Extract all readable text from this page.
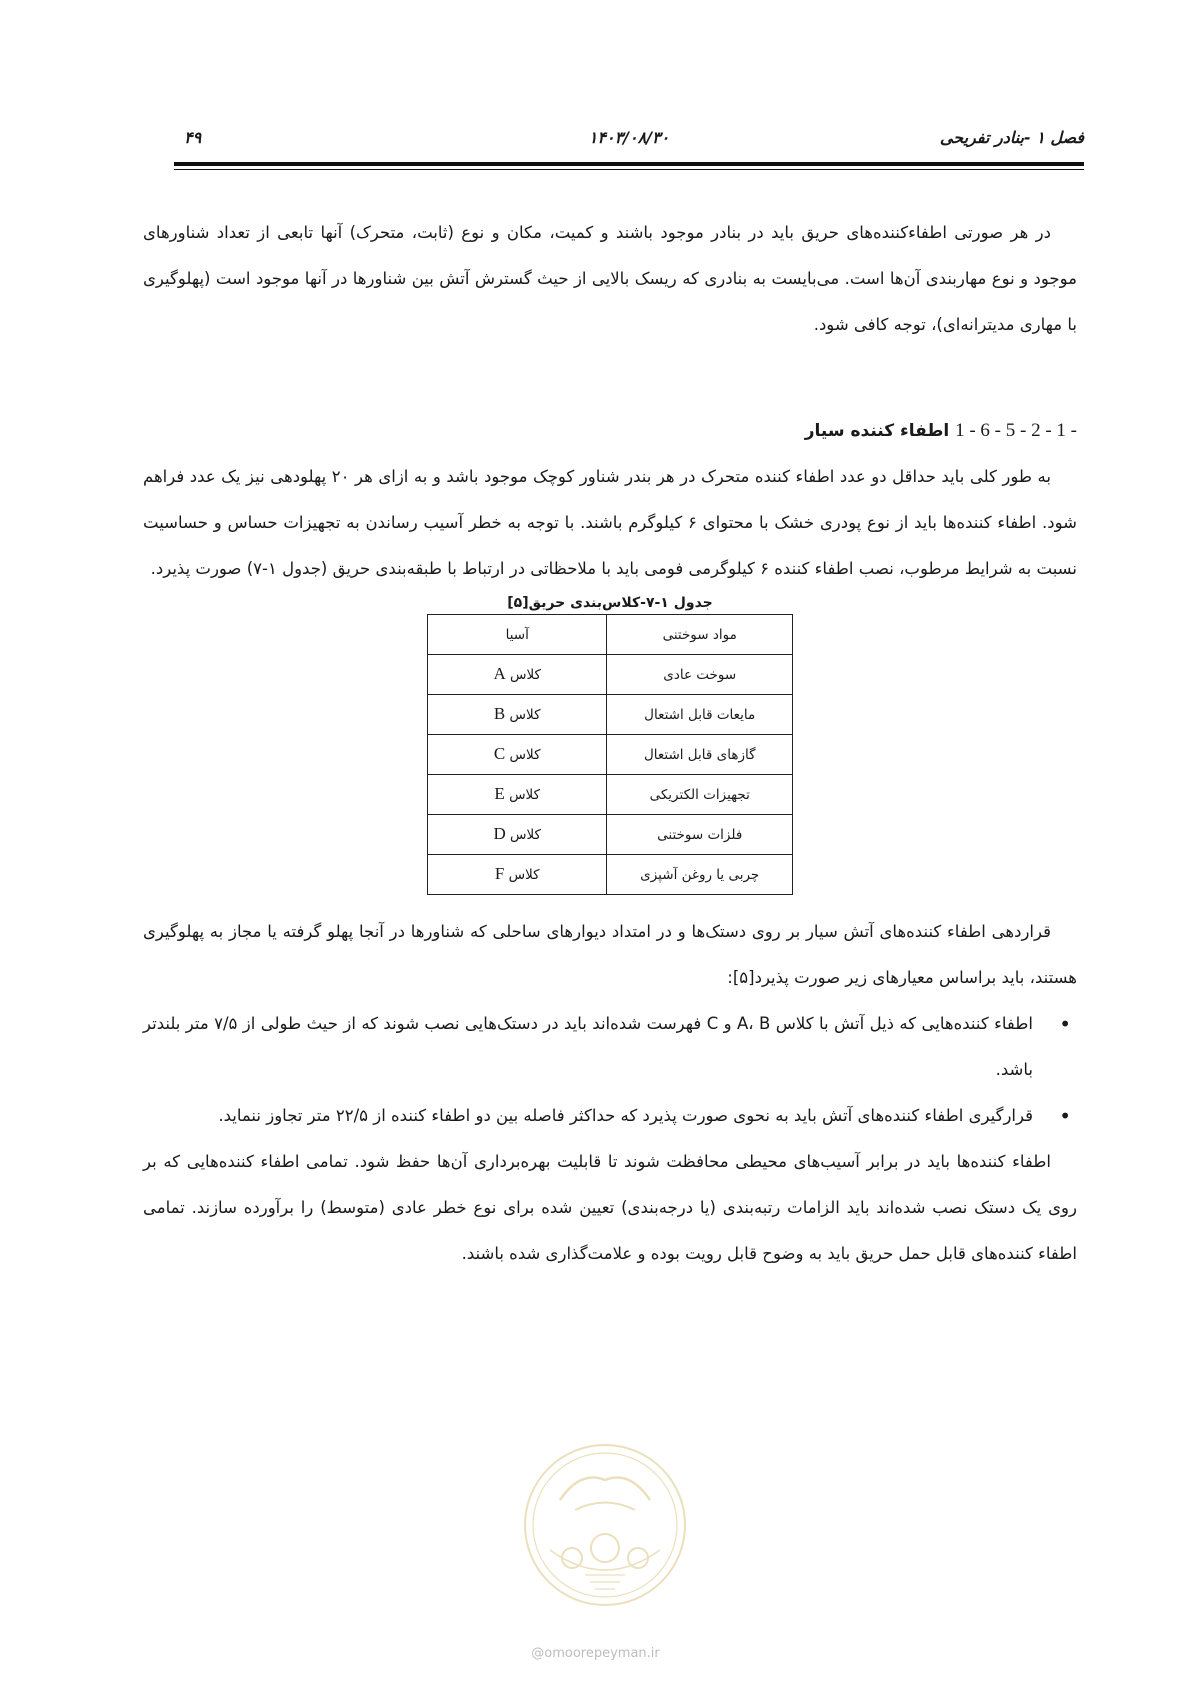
فصل ۱ -بنادر تفریحی
۱۴۰۳/۰۸/۳۰
۴۹

در هر صورتی اطفاءکننده‌های حریق باید در بنادر موجود باشند و کمیت، مکان و نوع (ثابت، متحرک) آنها تابعی از تعداد شناورهای موجود و نوع مهاربندی آن‌ها است. می‌بایست به بنادری که ریسک بالایی از حیث گسترش آتش بین شناورها در آنها موجود است (پهلوگیری با مهاری مدیترانه‌ای)، توجه کافی شود.

1 - 6 - 5 - 2 - 1 - اطفاء کننده سیار

به طور کلی باید حداقل دو عدد اطفاء کننده متحرک در هر بندر شناور کوچک موجود باشد و به ازای هر ۲۰ پهلودهی نیز یک عدد فراهم شود. اطفاء کننده‌ها باید از نوع پودری خشک با محتوای ۶ کیلوگرم باشند. با توجه به خطر آسیب رساندن به تجهیزات حساس و حساسیت نسبت به شرایط مرطوب، نصب اطفاء کننده ۶ کیلوگرمی فومی باید با ملاحظاتی در ارتباط با طبقه‌بندی حریق (جدول ۱-۷) صورت پذیرد.

جدول ۱-۷-کلاس‌بندی حریق[۵]

مواد سوختنی	آسیا
سوخت عادی	کلاس A
مایعات قابل اشتعال	کلاس B
گازهای قابل اشتعال	کلاس C
تجهیزات الکتریکی	کلاس E
فلزات سوختنی	کلاس D
چربی یا روغن آشپزی	کلاس F

قراردهی اطفاء کننده‌های آتش سیار بر روی دستک‌ها و در امتداد دیوارهای ساحلی که شناورها در آنجا پهلو گرفته یا مجاز به پهلوگیری هستند، باید براساس معیارهای زیر صورت پذیرد[۵]:

•
اطفاء کننده‌هایی که ذیل آتش با کلاس A، B و C فهرست شده‌اند باید در دستک‌هایی نصب شوند که از حیث طولی از ۷/۵ متر بلندتر باشد.
•
قرارگیری اطفاء کننده‌های آتش باید به نحوی صورت پذیرد که حداکثر فاصله بین دو اطفاء کننده از ۲۲/۵ متر تجاوز ننماید.

اطفاء کننده‌ها باید در برابر آسیب‌های محیطی محافظت شوند تا قابلیت بهره‌برداری آن‌ها حفظ شود. تمامی اطفاء کننده‌هایی که بر روی یک دستک نصب شده‌اند باید الزامات رتبه‌بندی (یا درجه‌بندی) تعیین شده برای نوع خطر عادی (متوسط) را برآورده سازند. تمامی اطفاء کننده‌های قابل حمل حریق باید به وضوح قابل رویت بوده و علامت‌گذاری شده باشند.

@omoorepeyman.ir
